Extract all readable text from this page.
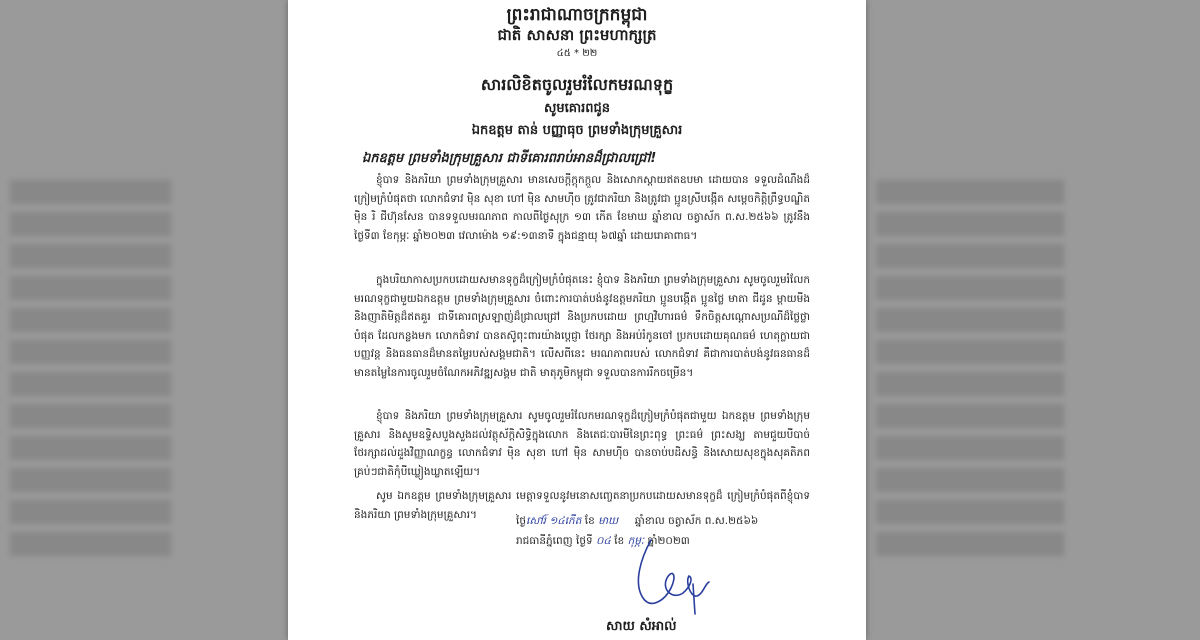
ព្រះរាជាណាចក្រកម្ពុជា
ជាតិ សាសនា ព្រះមហាក្សត្រ
៤៥ * ២២
សារលិខិតចូលរួមរំលែកមរណទុក្ខ
សូមគោរពជូន
ឯកឧត្តម តាន់ បញ្ញាធុច ព្រមទាំងក្រុមគ្រួសារ
ឯកឧត្តម ព្រមទាំងក្រុមគ្រួសារ ជាទីគោរពរាប់អានដ៏ជ្រាលជ្រៅ!
ខ្ញុំបាទ និងភរិយា ព្រមទាំងក្រុមគ្រួសារ មានសេចក្តីក្តុកក្តួល និងសោកស្តាយឥតឧបមា ដោយបាន ទទួលដំណឹងដ៏ក្រៀមក្រំបំផុតថា លោកជំទាវ ម៉ិន សុខា ហៅ ម៉ិន សាមហ៊ីច ត្រូវជាភរិយា និងត្រូវជា ប្អូនស្រីបង្កើត សម្តេចកិត្តិព្រឹទ្ធបណ្ឌិត ម៉ិន រិ ជីហ៊ុនសែន បានទទួលមរណភាព កាលពីថ្ងៃសុក្រ ១៣ កើត ខែមាឃ ឆ្នាំខាល ចត្វាស័ក ព.ស.២៥៦៦ ត្រូវនឹងថ្ងៃទី៣ ខែកុម្ភៈ ឆ្នាំ២០២៣ វេលាម៉ោង ១៩:១៣នាទី ក្នុងជន្មាយុ ៦៧ឆ្នាំ ដោយរោគាពាធ។
ក្នុងបរិយាកាសប្រកបដោយសមានទុក្ខដ៏ក្រៀមក្រំបំផុតនេះ ខ្ញុំបាទ និងភរិយា ព្រមទាំងក្រុមគ្រួសារ សូមចូលរួមរំលែកមរណទុក្ខជាមួយឯកឧត្តម ព្រមទាំងក្រុមគ្រួសារ ចំពោះការបាត់បង់នូវឧត្តមភរិយា ប្អូនបង្កើត ប្អូនថ្លៃ មាតា ជីដូន ម្តាយមីង និងញាតិមិត្តដ៏ឥតគួរ ជាទីគោរពស្រឡាញ់ដ៏ជ្រាលជ្រៅ និងប្រកបដោយ ព្រហ្មវិហារធម៌ ទឹកចិត្តសណ្តោសប្រណីដ៏ថ្លៃថ្លាបំផុត ដែលកន្លងមក លោកជំទាវ បានតស៊ូពុះពារយ៉ាងប្តេជ្ញា ថែរក្សា និងអប់រំកូនចៅ ប្រកបដោយគុណធម៌ ហេតុក្លាយជាបញ្ញវន្ត និងធនធានដ៏មានតម្លៃរបស់សង្គមជាតិ។ លើសពីនេះ មរណភាពរបស់ លោកជំទាវ គឺជាការបាត់បង់នូវធនធានដ៏មានតម្លៃនៃការចូលរួមចំណែកអភិវឌ្ឍសង្គម ជាតិ មាតុភូមិកម្ពុជា ទទួលបានការរីកចម្រើន។
ខ្ញុំបាទ និងភរិយា ព្រមទាំងក្រុមគ្រួសារ សូមចូលរួមរំលែកមរណទុក្ខដ៏ក្រៀមក្រំបំផុតជាមួយ ឯកឧត្តម ព្រមទាំងក្រុមគ្រួសារ និងសូមឧទ្ទិសបួងសួងដល់វត្ថុស័ក្តិសិទ្ធិក្នុងលោក និងតេជៈបារមីនៃព្រះពុទ្ធ ព្រះធម៌ ព្រះសង្ឃ តាមជួយបីបាច់ថែរក្សាដល់ដួងវិញ្ញាណក្ខន្ធ លោកជំទាវ ម៉ិន សុខា ហៅ ម៉ិន សាមហ៊ីច បានចាប់បដិសន្ធិ និងសោយសុខក្នុងសុគតិភពគ្រប់ៗជាតិកុំបីឃ្លៀងឃ្លាតឡើយ។
សូម ឯកឧត្តម ព្រមទាំងក្រុមគ្រួសារ មេត្តាទទួលនូវមនោសញ្ចេតនាប្រកបដោយសមានទុក្ខដ៏ ក្រៀមក្រំបំផុតពីខ្ញុំបាទ និងភរិយា ព្រមទាំងក្រុមគ្រួសារ។
ថ្ងៃសៅរ៍ ១៤កើត ខែ មាឃ ឆ្នាំខាល ចត្វាស័ក ព.ស.២៥៦៦
រាជធានីភ្នំពេញ ថ្ងៃទី ០៤ ខែ កុម្ភៈ ឆ្នាំ២០២៣
សាយ សំអាល់
